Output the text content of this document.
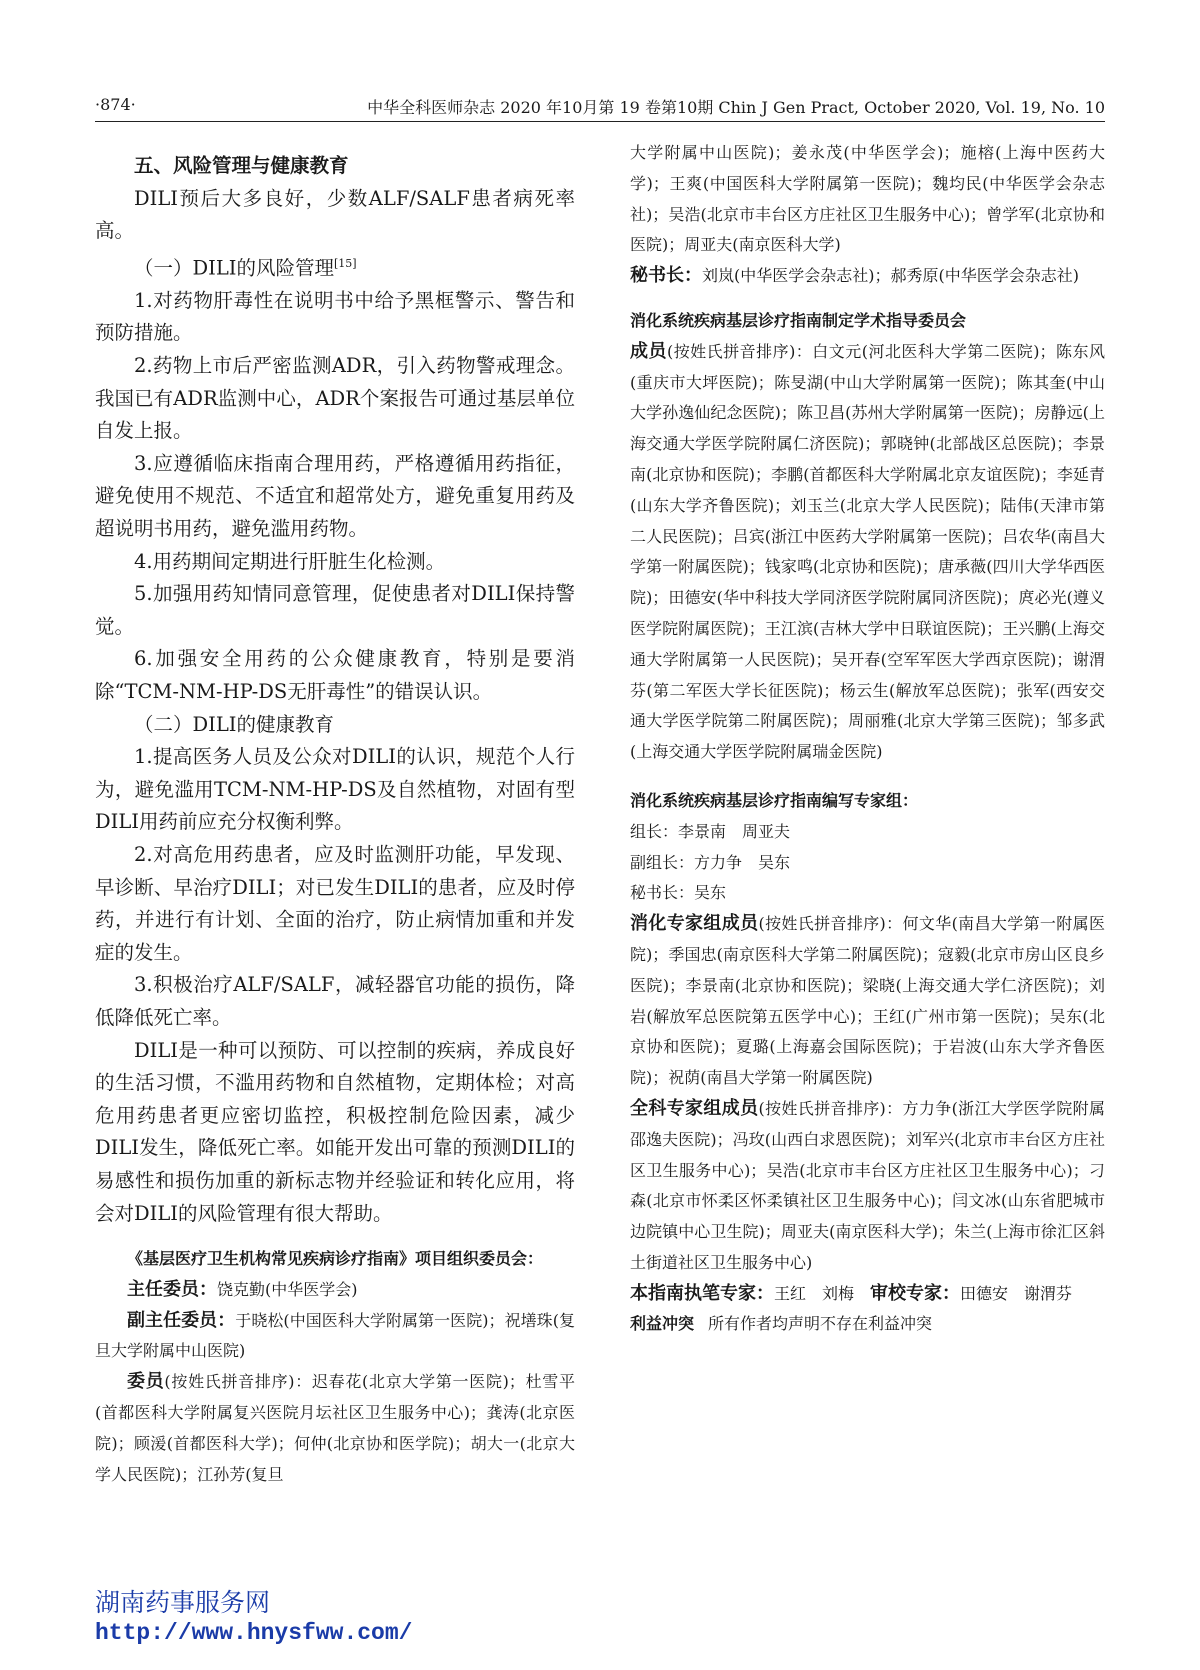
·874·	中华全科医师杂志 2020 年10月第 19 卷第10期 Chin J Gen Pract, October 2020, Vol. 19, No. 10

五、风险管理与健康教育

DILI预后大多良好，少数ALF/SALF患者病死率高。

（一）DILI的风险管理[15]

1.对药物肝毒性在说明书中给予黑框警示、警告和预防措施。

2.药物上市后严密监测ADR，引入药物警戒理念。我国已有ADR监测中心，ADR个案报告可通过基层单位自发上报。

3.应遵循临床指南合理用药，严格遵循用药指征，避免使用不规范、不适宜和超常处方，避免重复用药及超说明书用药，避免滥用药物。

4.用药期间定期进行肝脏生化检测。

5.加强用药知情同意管理，促使患者对DILI保持警觉。

6.加强安全用药的公众健康教育，特别是要消除“TCM-NM-HP-DS无肝毒性”的错误认识。

（二）DILI的健康教育

1.提高医务人员及公众对DILI的认识，规范个人行为，避免滥用TCM-NM-HP-DS及自然植物，对固有型DILI用药前应充分权衡利弊。

2.对高危用药患者，应及时监测肝功能，早发现、早诊断、早治疗DILI；对已发生DILI的患者，应及时停药，并进行有计划、全面的治疗，防止病情加重和并发症的发生。

3.积极治疗ALF/SALF，减轻器官功能的损伤，降低降低死亡率。

DILI是一种可以预防、可以控制的疾病，养成良好的生活习惯，不滥用药物和自然植物，定期体检；对高危用药患者更应密切监控，积极控制危险因素，减少DILI发生，降低死亡率。如能开发出可靠的预测DILI的易感性和损伤加重的新标志物并经验证和转化应用，将会对DILI的风险管理有很大帮助。

《基层医疗卫生机构常见疾病诊疗指南》项目组织委员会：

主任委员：饶克勤(中华医学会)

副主任委员：于晓松(中国医科大学附属第一医院)；祝墡珠(复旦大学附属中山医院)

委员(按姓氏拼音排序)：迟春花(北京大学第一医院)；杜雪平(首都医科大学附属复兴医院月坛社区卫生服务中心)；龚涛(北京医院)；顾湲(首都医科大学)；何仲(北京协和医学院)；胡大一(北京大学人民医院)；江孙芳(复旦

大学附属中山医院)；姜永茂(中华医学会)；施榕(上海中医药大学)；王爽(中国医科大学附属第一医院)；魏均民(中华医学会杂志社)；吴浩(北京市丰台区方庄社区卫生服务中心)；曾学军(北京协和医院)；周亚夫(南京医科大学)

秘书长：刘岚(中华医学会杂志社)；郝秀原(中华医学会杂志社)

消化系统疾病基层诊疗指南制定学术指导委员会

成员(按姓氏拼音排序)：白文元(河北医科大学第二医院)；陈东风(重庆市大坪医院)；陈旻湖(中山大学附属第一医院)；陈其奎(中山大学孙逸仙纪念医院)；陈卫昌(苏州大学附属第一医院)；房静远(上海交通大学医学院附属仁济医院)；郭晓钟(北部战区总医院)；李景南(北京协和医院)；李鹏(首都医科大学附属北京友谊医院)；李延青(山东大学齐鲁医院)；刘玉兰(北京大学人民医院)；陆伟(天津市第二人民医院)；吕宾(浙江中医药大学附属第一医院)；吕农华(南昌大学第一附属医院)；钱家鸣(北京协和医院)；唐承薇(四川大学华西医院)；田德安(华中科技大学同济医学院附属同济医院)；庹必光(遵义医学院附属医院)；王江滨(吉林大学中日联谊医院)；王兴鹏(上海交通大学附属第一人民医院)；吴开春(空军军医大学西京医院)；谢渭芬(第二军医大学长征医院)；杨云生(解放军总医院)；张军(西安交通大学医学院第二附属医院)；周丽雅(北京大学第三医院)；邹多武(上海交通大学医学院附属瑞金医院)

消化系统疾病基层诊疗指南编写专家组：

组长：李景南　周亚夫

副组长：方力争　吴东

秘书长：吴东

消化专家组成员(按姓氏拼音排序)：何文华(南昌大学第一附属医院)；季国忠(南京医科大学第二附属医院)；寇毅(北京市房山区良乡医院)；李景南(北京协和医院)；梁晓(上海交通大学仁济医院)；刘岩(解放军总医院第五医学中心)；王红(广州市第一医院)；吴东(北京协和医院)；夏璐(上海嘉会国际医院)；于岩波(山东大学齐鲁医院)；祝荫(南昌大学第一附属医院)

全科专家组成员(按姓氏拼音排序)：方力争(浙江大学医学院附属邵逸夫医院)；冯玫(山西白求恩医院)；刘军兴(北京市丰台区方庄社区卫生服务中心)；吴浩(北京市丰台区方庄社区卫生服务中心)；刁森(北京市怀柔区怀柔镇社区卫生服务中心)；闫文冰(山东省肥城市边院镇中心卫生院)；周亚夫(南京医科大学)；朱兰(上海市徐汇区斜土街道社区卫生服务中心)

本指南执笔专家：王红　刘梅　审校专家：田德安　谢渭芬

利益冲突 所有作者均声明不存在利益冲突

湖南药事服务网
http://www.hnysfww.com/
